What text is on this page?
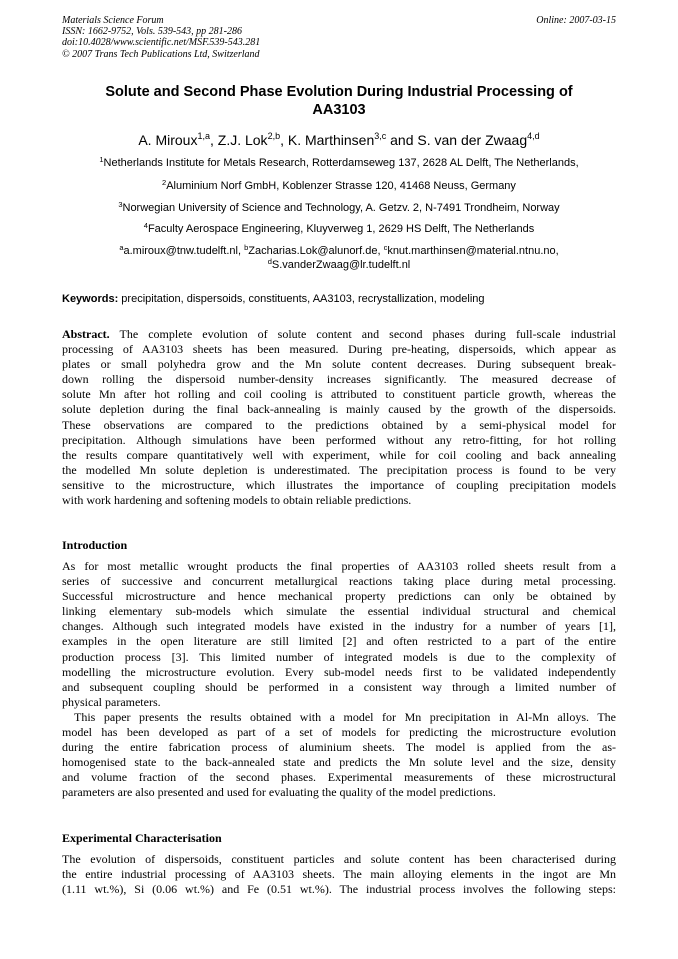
Materials Science Forum
ISSN: 1662-9752, Vols. 539-543, pp 281-286
doi:10.4028/www.scientific.net/MSF.539-543.281
© 2007 Trans Tech Publications Ltd, Switzerland
Online: 2007-03-15
Solute and Second Phase Evolution During Industrial Processing of
AA3103
A. Miroux$^{1,a}$, Z.J. Lok$^{2,b}$, K. Marthinsen$^{3,c}$ and S. van der Zwaag$^{4,d}$
$^1$Netherlands Institute for Metals Research, Rotterdamseweg 137, 2628 AL Delft, The Netherlands,
$^2$Aluminium Norf GmbH, Koblenzer Strasse 120, 41468 Neuss, Germany
$^3$Norwegian University of Science and Technology, A. Getzv. 2, N-7491 Trondheim, Norway
$^4$Faculty Aerospace Engineering, Kluyverweg 1, 2629 HS Delft, The Netherlands
$^a$a.miroux@tnw.tudelft.nl, $^b$Zacharias.Lok@alunorf.de, $^c$knut.marthinsen@material.ntnu.no,
$^d$S.vanderZwaag@lr.tudelft.nl
Keywords: precipitation, dispersoids, constituents, AA3103, recrystallization, modeling
Abstract. The complete evolution of solute content and second phases during full-scale industrial
processing of AA3103 sheets has been measured. During pre-heating, dispersoids, which appear as
plates or small polyhedra grow and the Mn solute content decreases. During subsequent break-
down rolling the dispersoid number-density increases significantly. The measured decrease of
solute Mn after hot rolling and coil cooling is attributed to constituent particle growth, whereas the
solute depletion during the final back-annealing is mainly caused by the growth of the dispersoids.
These observations are compared to the predictions obtained by a semi-physical model for
precipitation. Although simulations have been performed without any retro-fitting, for hot rolling
the results compare quantitatively well with experiment, while for coil cooling and back annealing
the modelled Mn solute depletion is underestimated. The precipitation process is found to be very
sensitive to the microstructure, which illustrates the importance of coupling precipitation models
with work hardening and softening models to obtain reliable predictions.
Introduction
As for most metallic wrought products the final properties of AA3103 rolled sheets result from a
series of successive and concurrent metallurgical reactions taking place during metal processing.
Successful microstructure and hence mechanical property predictions can only be obtained by
linking elementary sub-models which simulate the essential individual structural and chemical
changes. Although such integrated models have existed in the industry for a number of years [1],
examples in the open literature are still limited [2] and often restricted to a part of the entire
production process [3]. This limited number of integrated models is due to the complexity of
modelling the microstructure evolution. Every sub-model needs first to be validated independently
and subsequent coupling should be performed in a consistent way through a limited number of
physical parameters.
This paper presents the results obtained with a model for Mn precipitation in Al-Mn alloys. The
model has been developed as part of a set of models for predicting the microstructure evolution
during the entire fabrication process of aluminium sheets. The model is applied from the as-
homogenised state to the back-annealed state and predicts the Mn solute level and the size, density
and volume fraction of the second phases. Experimental measurements of these microstructural
parameters are also presented and used for evaluating the quality of the model predictions.
Experimental Characterisation
The evolution of dispersoids, constituent particles and solute content has been characterised during
the entire industrial processing of AA3103 sheets. The main alloying elements in the ingot are Mn
(1.11 wt.%), Si (0.06 wt.%) and Fe (0.51 wt.%). The industrial process involves the following steps:
